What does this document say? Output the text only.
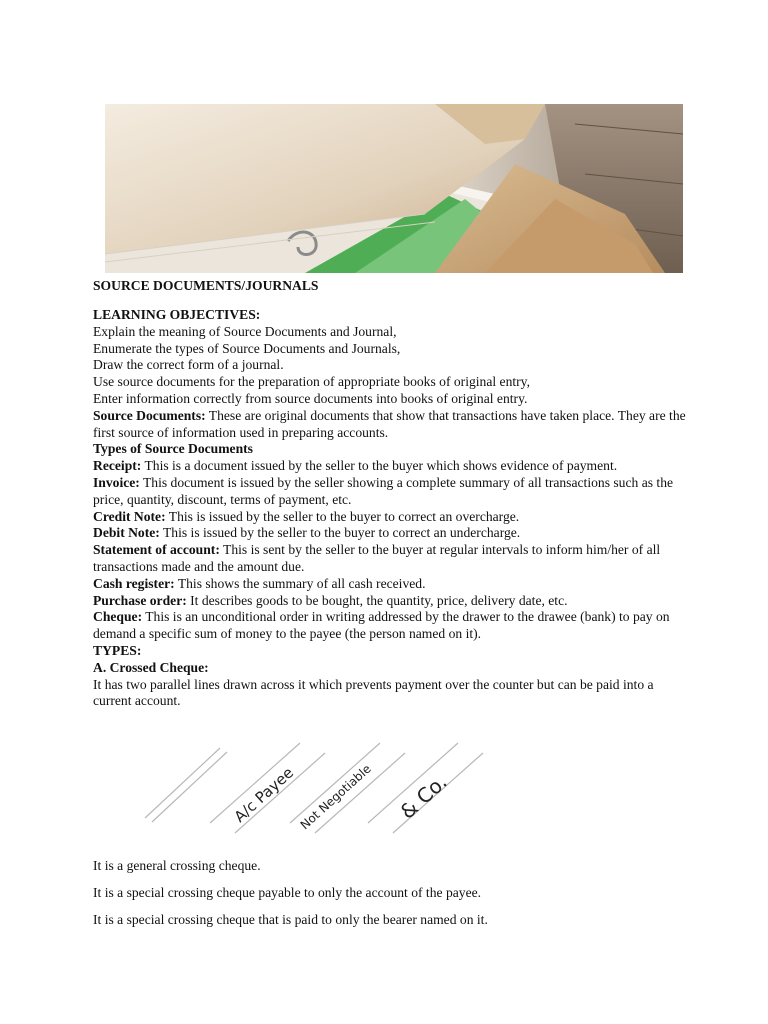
SOURCE DOCUMENTS/JOURNALS

LEARNING OBJECTIVES:

Explain the meaning of Source Documents and Journal,

Enumerate the types of Source Documents and Journals,

Draw the correct form of a journal.

Use source documents for the preparation of appropriate books of original entry,

Enter information correctly from source documents into books of original entry.

Source Documents: These are original documents that show that transactions have taken place. They are the first source of information used in preparing accounts.

Types of Source Documents

Receipt: This is a document issued by the seller to the buyer which shows evidence of payment.

Invoice: This document is issued by the seller showing a complete summary of all transactions such as the price, quantity, discount, terms of payment, etc.

Credit Note: This is issued by the seller to the buyer to correct an overcharge.

Debit Note: This is issued by the seller to the buyer to correct an undercharge.

Statement of account: This is sent by the seller to the buyer at regular intervals to inform him/her of all transactions made and the amount due.

Cash register: This shows the summary of all cash received.

Purchase order: It describes goods to be bought, the quantity, price, delivery date, etc.

Cheque: This is an unconditional order in writing addressed by the drawer to the drawee (bank) to pay on demand a specific sum of money to the payee (the person named on it).

TYPES:

A. Crossed Cheque:

It has two parallel lines drawn across it which prevents payment over the counter but can be paid into a current account.

A/c Payee Not Negotiable & Co.

It is a general crossing cheque.

It is a special crossing cheque payable to only the account of the payee.

It is a special crossing cheque that is paid to only the bearer named on it.
